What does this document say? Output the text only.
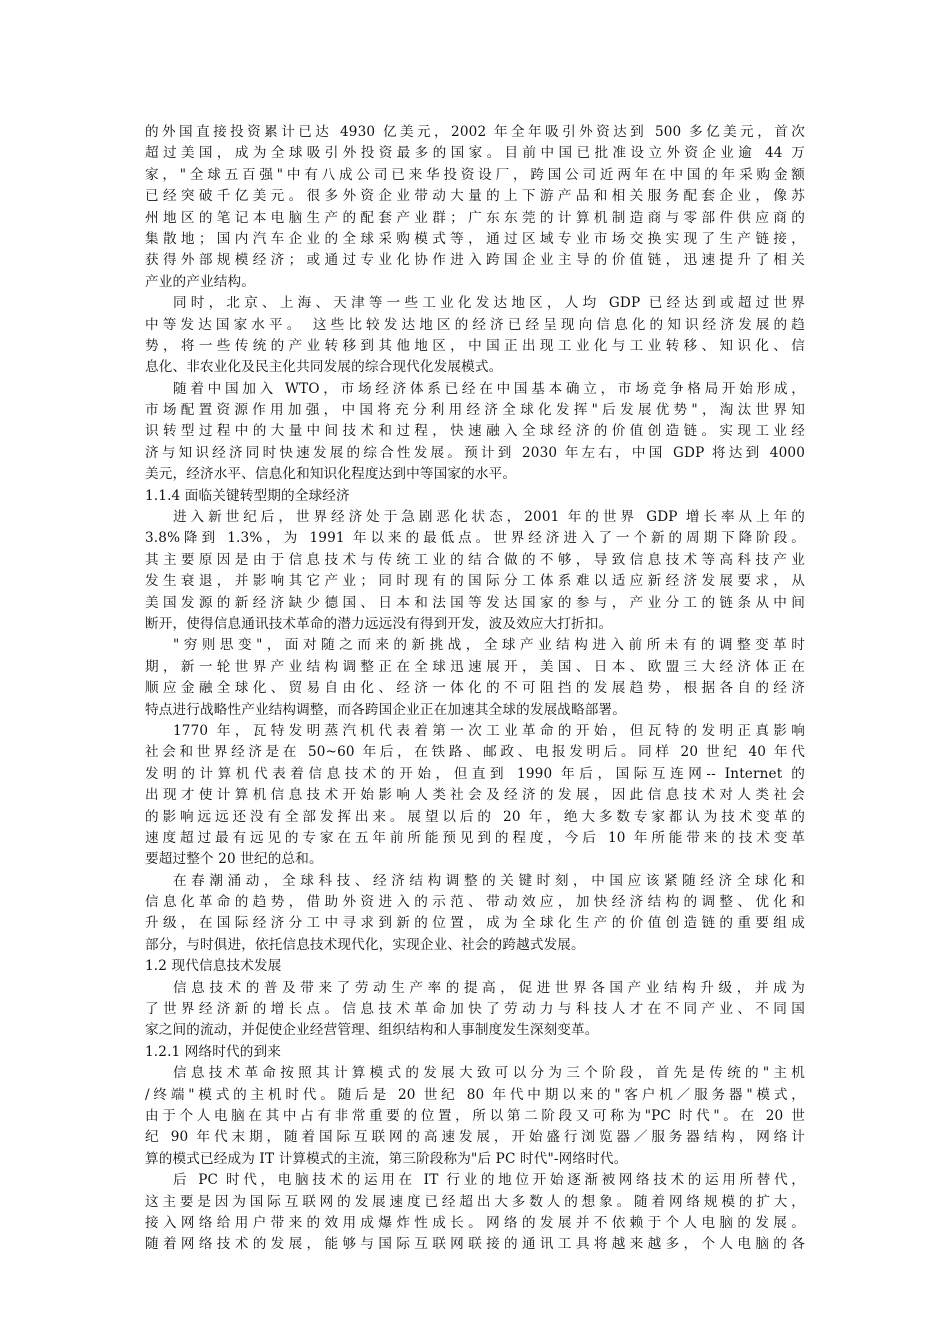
的外国直接投资累计已达 4930 亿美元，2002 年全年吸引外资达到 500 多亿美元，首次
超过美国，成为全球吸引外投资最多的国家。目前中国已批准设立外资企业逾 44 万
家，"全球五百强"中有八成公司已来华投资设厂，跨国公司近两年在中国的年采购金额
已经突破千亿美元。很多外资企业带动大量的上下游产品和相关服务配套企业，像苏
州地区的笔记本电脑生产的配套产业群；广东东莞的计算机制造商与零部件供应商的
集散地；国内汽车企业的全球采购模式等，通过区域专业市场交换实现了生产链接，
获得外部规模经济；或通过专业化协作进入跨国企业主导的价值链，迅速提升了相关
产业的产业结构。
同时，北京、上海、天津等一些工业化发达地区，人均 GDP 已经达到或超过世界
中等发达国家水平。 这些比较发达地区的经济已经呈现向信息化的知识经济发展的趋
势，将一些传统的产业转移到其他地区，中国正出现工业化与工业转移、知识化、信
息化、非农业化及民主化共同发展的综合现代化发展模式。
随着中国加入 WTO，市场经济体系已经在中国基本确立，市场竞争格局开始形成，
市场配置资源作用加强，中国将充分利用经济全球化发挥"后发展优势"，淘汰世界知
识转型过程中的大量中间技术和过程，快速融入全球经济的价值创造链。实现工业经
济与知识经济同时快速发展的综合性发展。预计到 2030 年左右，中国 GDP 将达到 4000
美元，经济水平、信息化和知识化程度达到中等国家的水平。
1.1.4 面临关键转型期的全球经济
进入新世纪后，世界经济处于急剧恶化状态，2001 年的世界 GDP 增长率从上年的
3.8%降到 1.3%，为 1991 年以来的最低点。世界经济进入了一个新的周期下降阶段。
其主要原因是由于信息技术与传统工业的结合做的不够，导致信息技术等高科技产业
发生衰退，并影响其它产业；同时现有的国际分工体系难以适应新经济发展要求，从
美国发源的新经济缺少德国、日本和法国等发达国家的参与，产业分工的链条从中间
断开，使得信息通讯技术革命的潜力远远没有得到开发，波及效应大打折扣。
"穷则思变"，面对随之而来的新挑战，全球产业结构进入前所未有的调整变革时
期，新一轮世界产业结构调整正在全球迅速展开，美国、日本、欧盟三大经济体正在
顺应金融全球化、贸易自由化、经济一体化的不可阻挡的发展趋势，根据各自的经济
特点进行战略性产业结构调整，而各跨国企业正在加速其全球的发展战略部署。
1770 年，瓦特发明蒸汽机代表着第一次工业革命的开始，但瓦特的发明正真影响
社会和世界经济是在 50~60 年后，在铁路、邮政、电报发明后。同样 20 世纪 40 年代
发明的计算机代表着信息技术的开始，但直到 1990 年后，国际互连网-- Internet 的
出现才使计算机信息技术开始影响人类社会及经济的发展，因此信息技术对人类社会
的影响远远还没有全部发挥出来。展望以后的 20 年，绝大多数专家都认为技术变革的
速度超过最有远见的专家在五年前所能预见到的程度，今后 10 年所能带来的技术变革
要超过整个 20 世纪的总和。
在春潮涌动，全球科技、经济结构调整的关键时刻，中国应该紧随经济全球化和
信息化革命的趋势，借助外资进入的示范、带动效应，加快经济结构的调整、优化和
升级，在国际经济分工中寻求到新的位置，成为全球化生产的价值创造链的重要组成
部分，与时俱进，依托信息技术现代化，实现企业、社会的跨越式发展。
1.2 现代信息技术发展
信息技术的普及带来了劳动生产率的提高，促进世界各国产业结构升级，并成为
了世界经济新的增长点。信息技术革命加快了劳动力与科技人才在不同产业、不同国
家之间的流动，并促使企业经营管理、组织结构和人事制度发生深刻变革。
1.2.1 网络时代的到来
信息技术革命按照其计算模式的发展大致可以分为三个阶段，首先是传统的"主机
/终端"模式的主机时代。随后是 20 世纪 80 年代中期以来的"客户机／服务器"模式，
由于个人电脑在其中占有非常重要的位置，所以第二阶段又可称为"PC 时代"。在 20 世
纪 90 年代末期，随着国际互联网的高速发展，开始盛行浏览器／服务器结构，网络计
算的模式已经成为 IT 计算模式的主流，第三阶段称为"后 PC 时代"-网络时代。
后 PC 时代，电脑技术的运用在 IT 行业的地位开始逐渐被网络技术的运用所替代，
这主要是因为国际互联网的发展速度已经超出大多数人的想象。随着网络规模的扩大，
接入网络给用户带来的效用成爆炸性成长。网络的发展并不依赖于个人电脑的发展。
随着网络技术的发展，能够与国际互联网联接的通讯工具将越来越多，个人电脑的各
